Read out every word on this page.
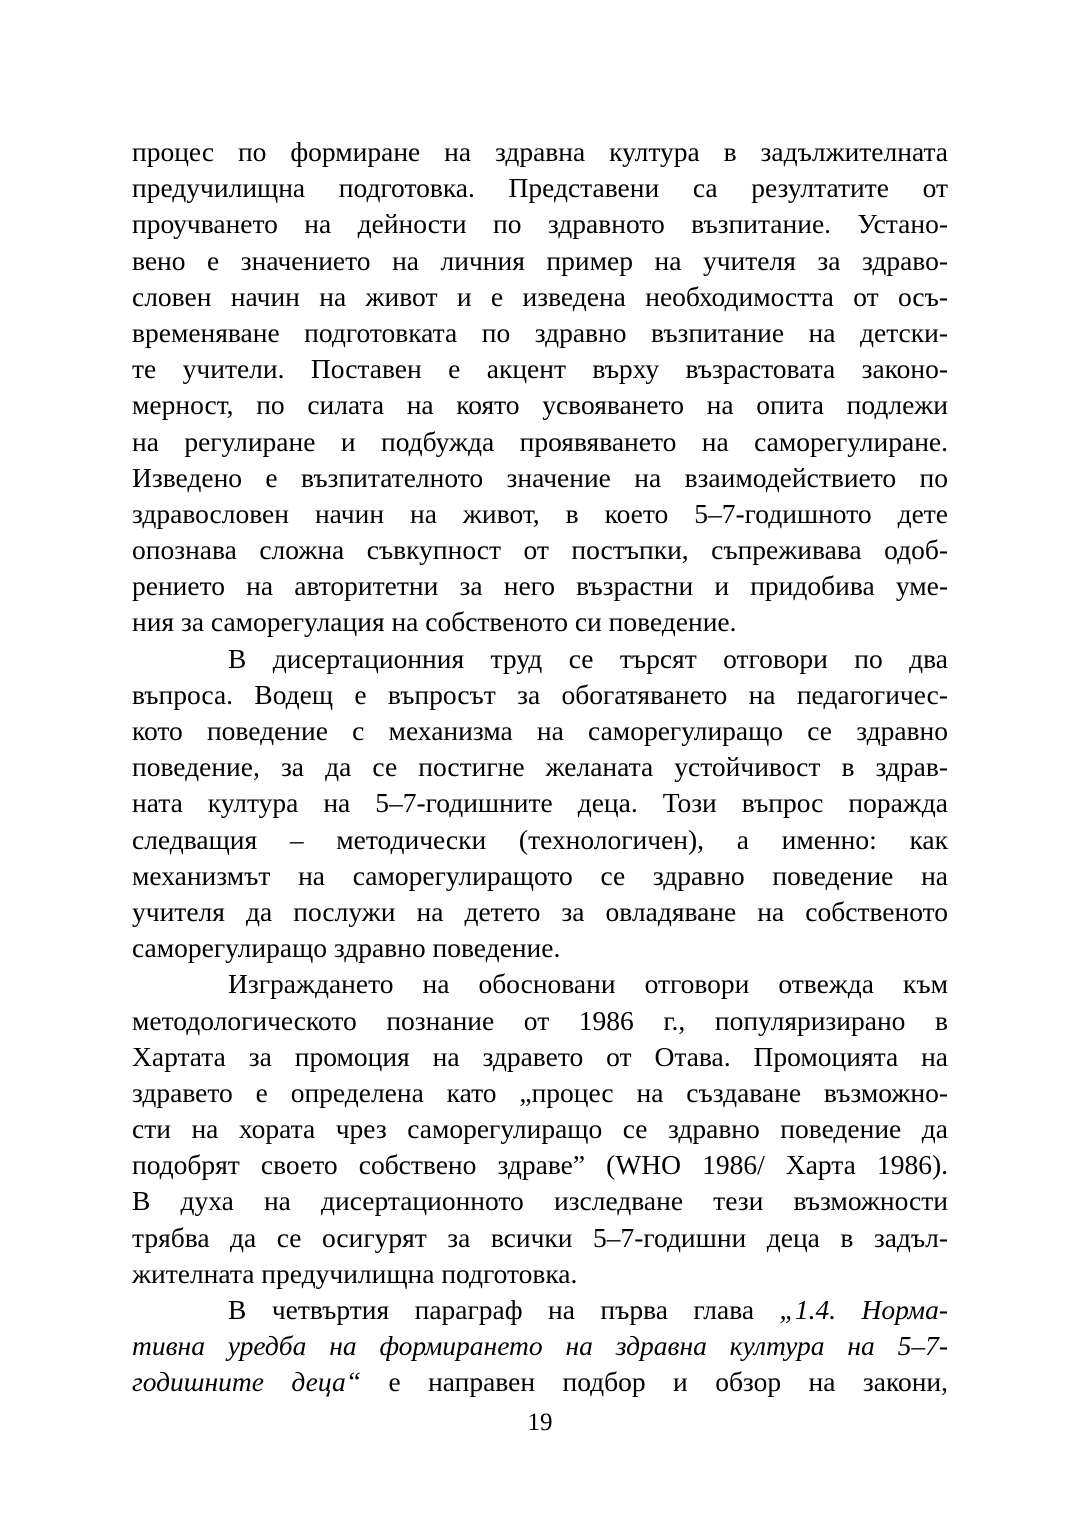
процес по формиране на здравна култура в задължителната
предучилищна подготовка. Представени са резултатите от
проучването на дейности по здравното възпитание. Устано-
вено е значението на личния пример на учителя за здраво-
словен начин на живот и е изведена необходимостта от осъ-
временяване подготовката по здравно възпитание на детски-
те учители. Поставен е акцент върху възрастовата законо-
мерност, по силата на която усвояването на опита подлежи
на регулиране и подбужда проявяването на саморегулиране.
Изведено е възпитателното значение на взаимодействието по
здравословен начин на живот, в което 5–7-годишното дете
опознава сложна съвкупност от постъпки, съпреживава одоб-
рението на авторитетни за него възрастни и придобива уме-
ния за саморегулация на собственото си поведение.
В дисертационния труд се търсят отговори по два
въпроса. Водещ е въпросът за обогатяването на педагогичес-
кото поведение с механизма на саморегулиращо се здравно
поведение, за да се постигне желаната устойчивост в здрав-
ната култура на 5–7-годишните деца. Този въпрос поражда
следващия – методически (технологичен), а именно: как
механизмът на саморегулиращото се здравно поведение на
учителя да послужи на детето за овладяване на собственото
саморегулиращо здравно поведение.
Изграждането на обосновани отговори отвежда към
методологическото познание от 1986 г., популяризирано в
Хартата за промоция на здравето от Отава. Промоцията на
здравето е определена като „процес на създаване възможно-
сти на хората чрез саморегулиращо се здравно поведение да
подобрят своето собствено здраве” (WHO 1986/ Харта 1986).
В духа на дисертационното изследване тези възможности
трябва да се осигурят за всички 5–7-годишни деца в задъл-
жителната предучилищна подготовка.
В четвъртия параграф на първа глава „1.4. Норма-
тивна уредба на формирането на здравна култура на 5–7-
годишните деца“ е направен подбор и обзор на закони,
19
